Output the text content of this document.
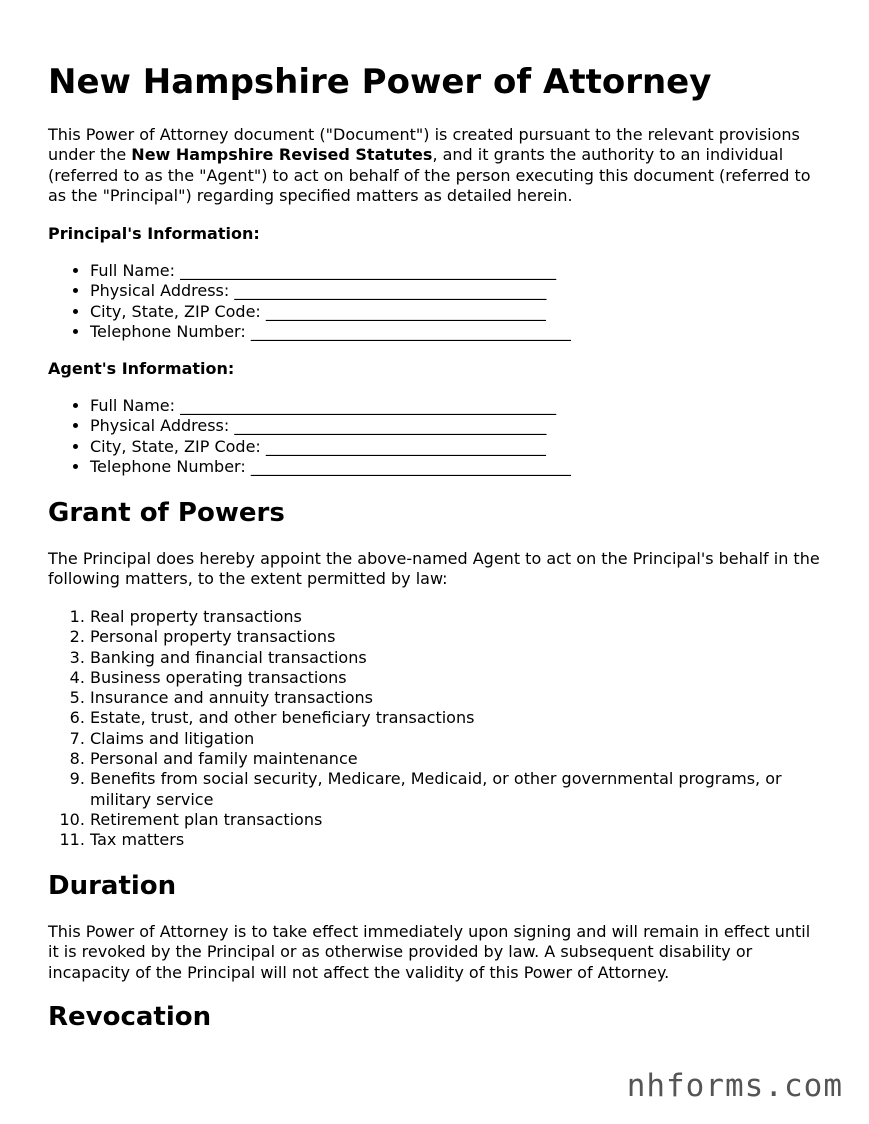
New Hampshire Power of Attorney

This Power of Attorney document ("Document") is created pursuant to the relevant provisions under the New Hampshire Revised Statutes, and it grants the authority to an individual (referred to as the "Agent") to act on behalf of the person executing this document (referred to as the "Principal") regarding specified matters as detailed herein.

Principal's Information:
• Full Name: _______________________________________________
• Physical Address: _______________________________________
• City, State, ZIP Code: ___________________________________
• Telephone Number: ________________________________________
Agent's Information:
• Full Name: _______________________________________________
• Physical Address: _______________________________________
• City, State, ZIP Code: ___________________________________
• Telephone Number: ________________________________________
Grant of Powers

The Principal does hereby appoint the above-named Agent to act on the Principal's behalf in the following matters, to the extent permitted by law:

1. Real property transactions
2. Personal property transactions
3. Banking and financial transactions
4. Business operating transactions
5. Insurance and annuity transactions
6. Estate, trust, and other beneficiary transactions
7. Claims and litigation
8. Personal and family maintenance
9. Benefits from social security, Medicare, Medicaid, or other governmental programs, or military service
10. Retirement plan transactions
11. Tax matters
Duration

This Power of Attorney is to take effect immediately upon signing and will remain in effect until it is revoked by the Principal or as otherwise provided by law. A subsequent disability or incapacity of the Principal will not affect the validity of this Power of Attorney.

Revocation
nhforms.com
